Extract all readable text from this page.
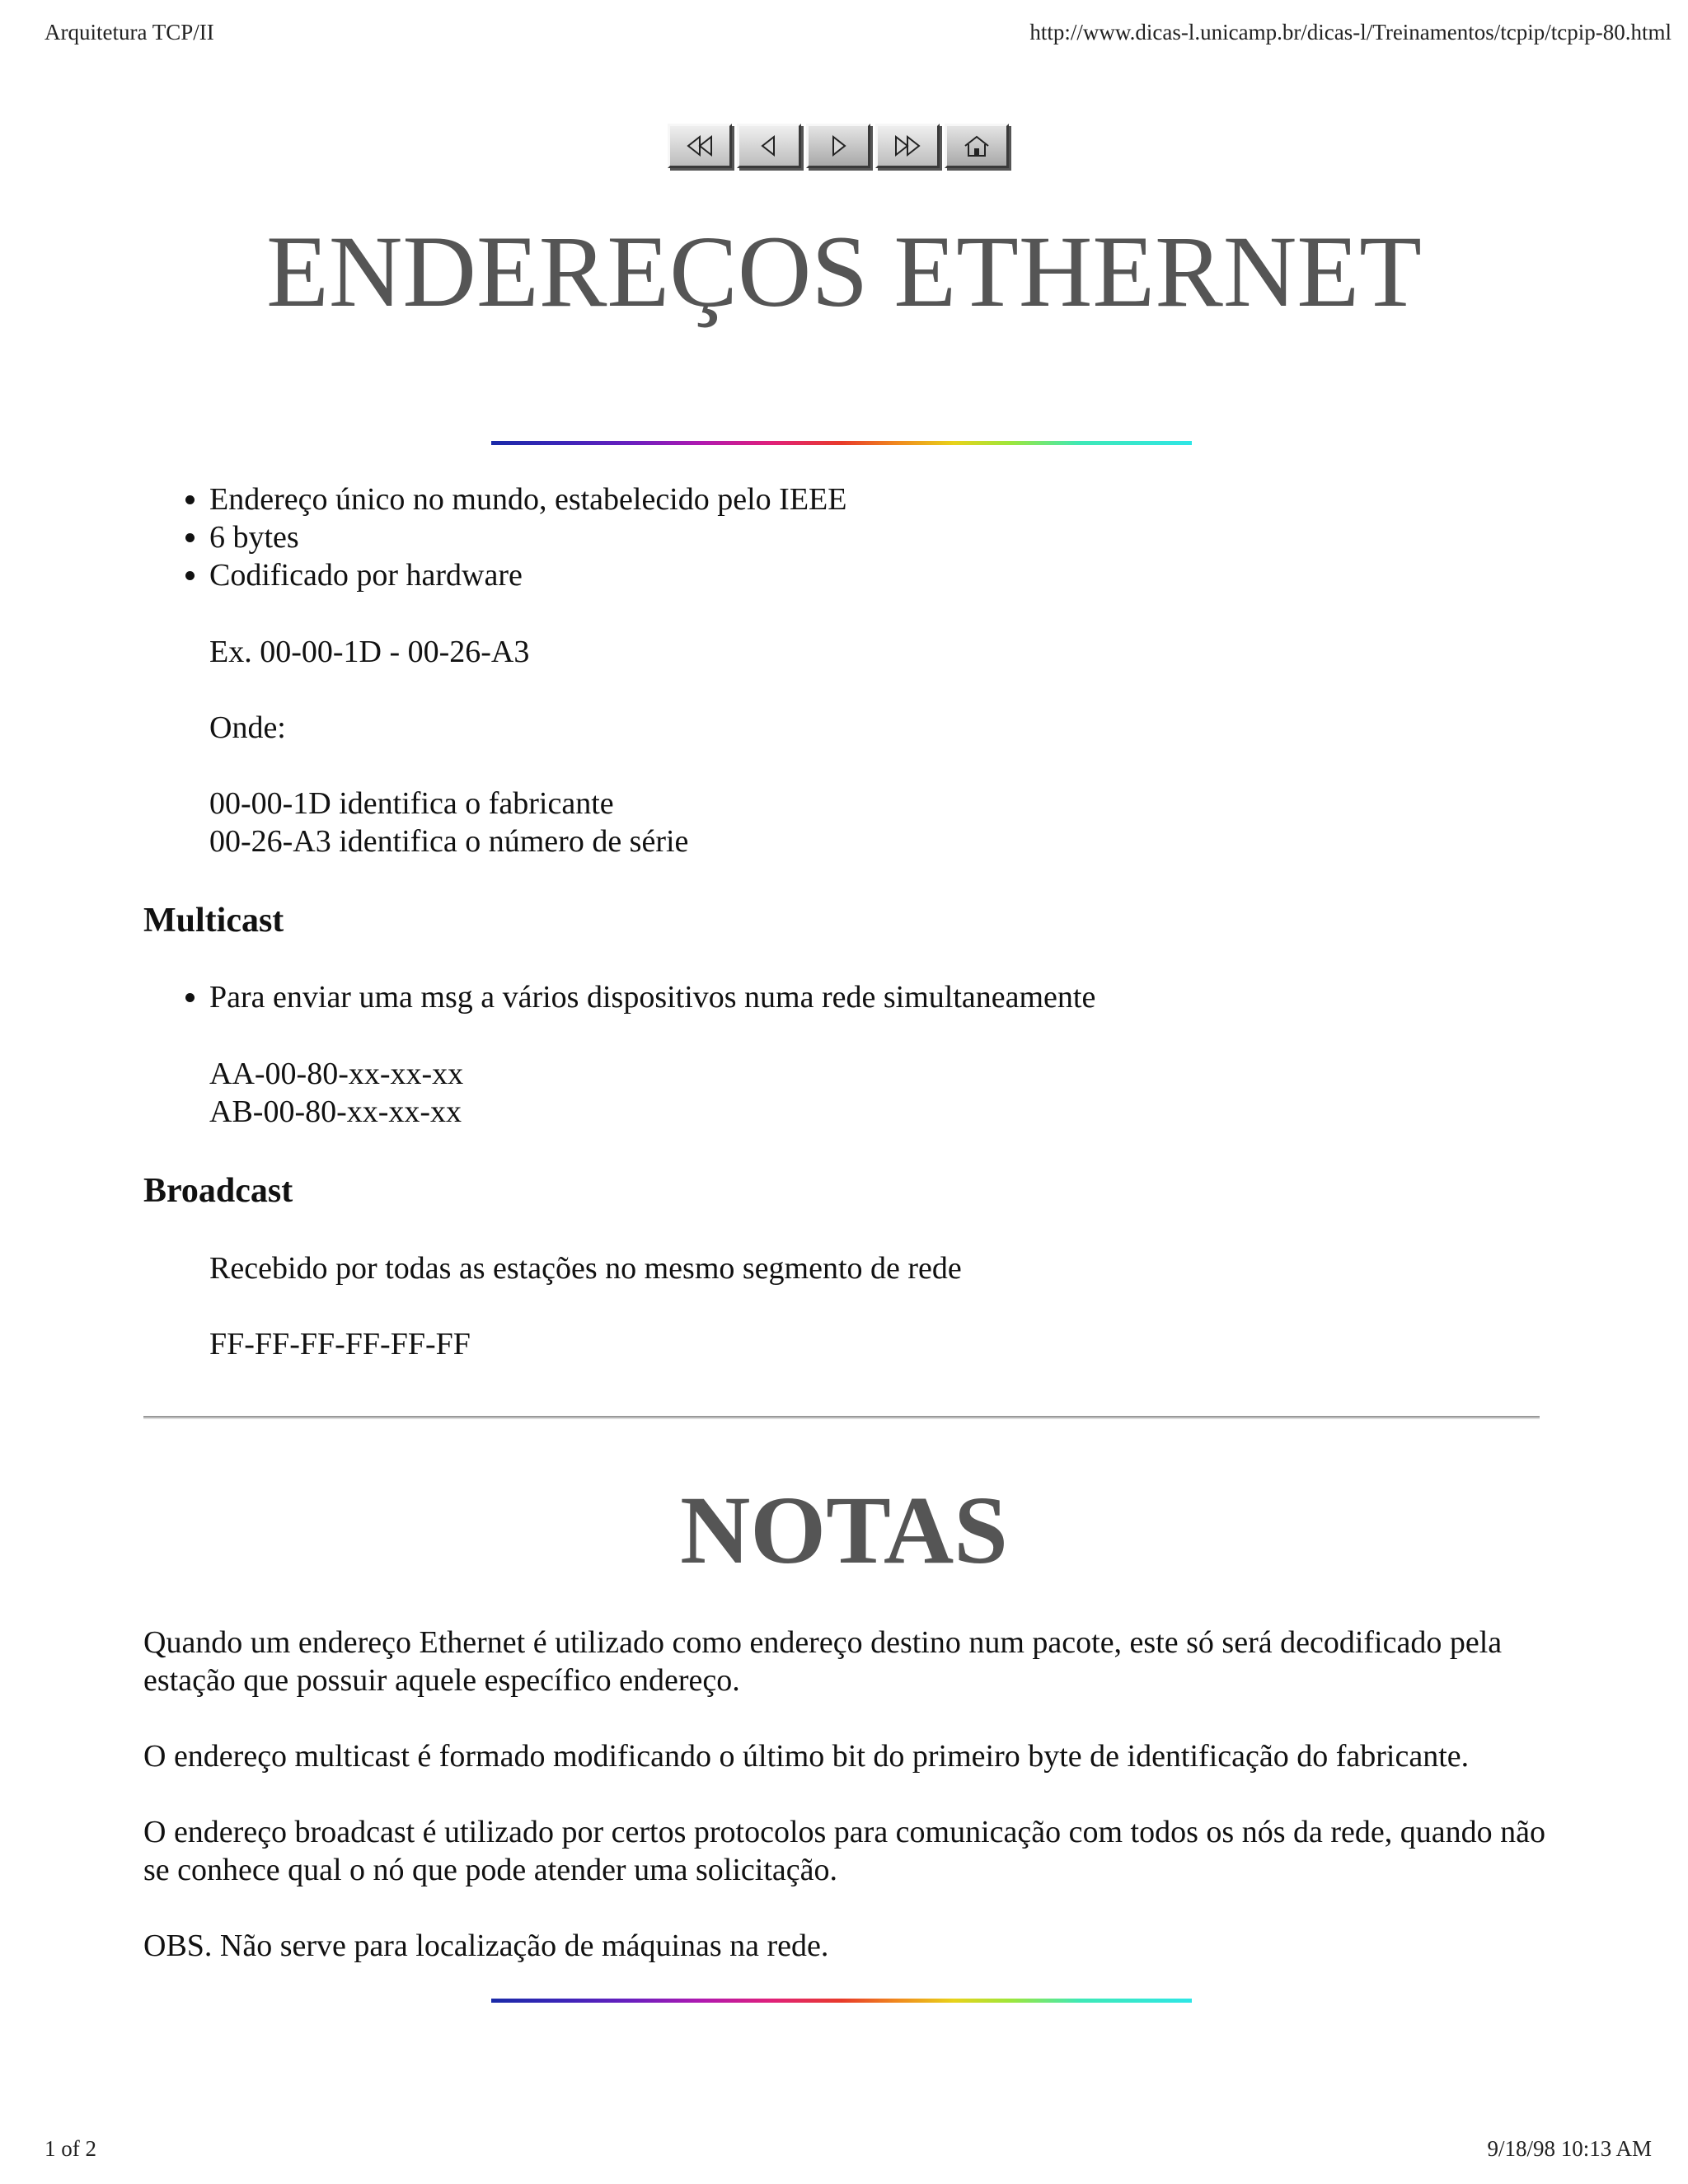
Arquitetura TCP/II	http://www.dicas-l.unicamp.br/dicas-l/Treinamentos/tcpip/tcpip-80.html
ENDEREÇOS ETHERNET
• Endereço único no mundo, estabelecido pelo IEEE
• 6 bytes
• Codificado por hardware
Ex. 00-00-1D - 00-26-A3
Onde:
00-00-1D identifica o fabricante
00-26-A3 identifica o número de série
Multicast
• Para enviar uma msg a vários dispositivos numa rede simultaneamente
AA-00-80-xx-xx-xx
AB-00-80-xx-xx-xx
Broadcast
Recebido por todas as estações no mesmo segmento de rede
FF-FF-FF-FF-FF-FF
NOTAS

Quando um endereço Ethernet é utilizado como endereço destino num pacote, este só será decodificado pela estação que possuir aquele específico endereço.

O endereço multicast é formado modificando o último bit do primeiro byte de identificação do fabricante.

O endereço broadcast é utilizado por certos protocolos para comunicação com todos os nós da rede, quando não se conhece qual o nó que pode atender uma solicitação.

OBS. Não serve para localização de máquinas na rede.

1 of 2	9/18/98 10:13 AM
